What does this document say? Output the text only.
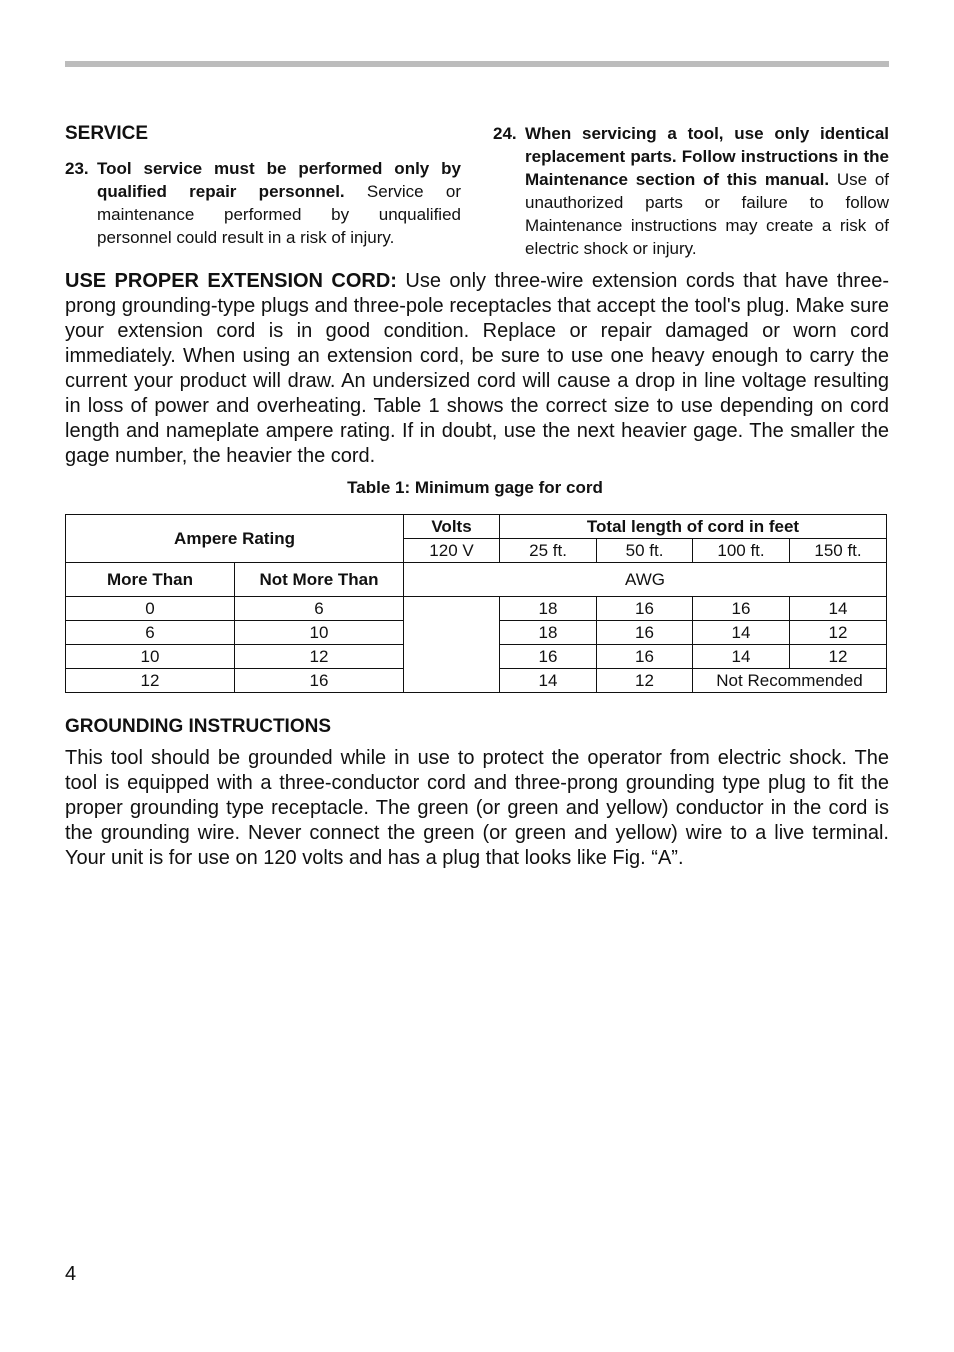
SERVICE
23. Tool service must be performed only by qualified repair personnel. Service or maintenance performed by unqualified personnel could result in a risk of injury.
24. When servicing a tool, use only identical replacement parts. Follow instructions in the Maintenance section of this manual. Use of unauthorized parts or failure to follow Maintenance instructions may create a risk of electric shock or injury.
USE PROPER EXTENSION CORD: Use only three-wire extension cords that have three-prong grounding-type plugs and three-pole receptacles that accept the tool's plug. Make sure your extension cord is in good condition. Replace or repair damaged or worn cord immediately. When using an extension cord, be sure to use one heavy enough to carry the current your product will draw. An undersized cord will cause a drop in line voltage resulting in loss of power and overheating. Table 1 shows the correct size to use depending on cord length and nameplate ampere rating. If in doubt, use the next heavier gage. The smaller the gage number, the heavier the cord.
Table 1: Minimum gage for cord
Ampere Rating		Volts	Total length of cord in feet			
		120 V	25 ft.	50 ft.	100 ft.	150 ft.
More Than	Not More Than	AWG				
0	6		18	16	16	14
6	10		18	16	14	12
10	12		16	16	14	12
12	16		14	12	Not Recommended	
GROUNDING INSTRUCTIONS
This tool should be grounded while in use to protect the operator from electric shock. The tool is equipped with a three-conductor cord and three-prong grounding type plug to fit the proper grounding type receptacle. The green (or green and yellow) conductor in the cord is the grounding wire. Never connect the green (or green and yellow) wire to a live terminal. Your unit is for use on 120 volts and has a plug that looks like Fig. “A”.
4
